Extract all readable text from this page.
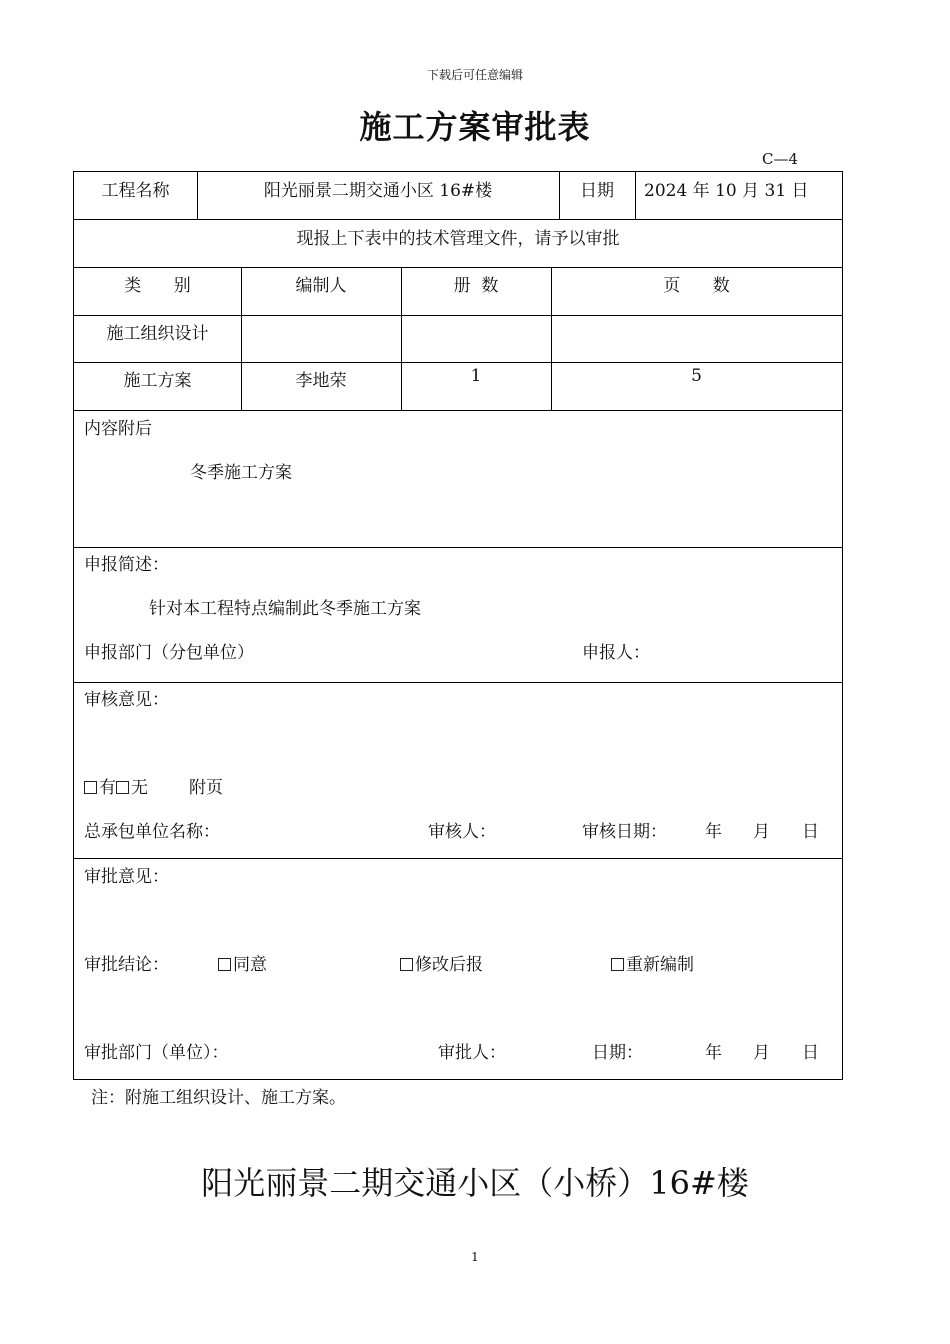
下载后可任意编辑
施工方案审批表
C—4
工程名称	阳光丽景二期交通小区 16#楼	日期	2024 年 10 月 31 日
现报上下表中的技术管理文件，请予以审批
类      别	编制人	册  数	页      数
施工组织设计
施工方案	李地荣	1	5
内容附后
冬季施工方案
申报简述：
针对本工程特点编制此冬季施工方案
申报部门（分包单位）	申报人：
审核意见：
有 无 附页
总承包单位名称：	审核人：	审核日期： 年 月 日
审批意见：
审批结论：	同意	修改后报	重新编制
审批部门（单位）：	审批人：	日期：	年 月 日
注：附施工组织设计、施工方案。
阳光丽景二期交通小区（小桥）16#楼
1
